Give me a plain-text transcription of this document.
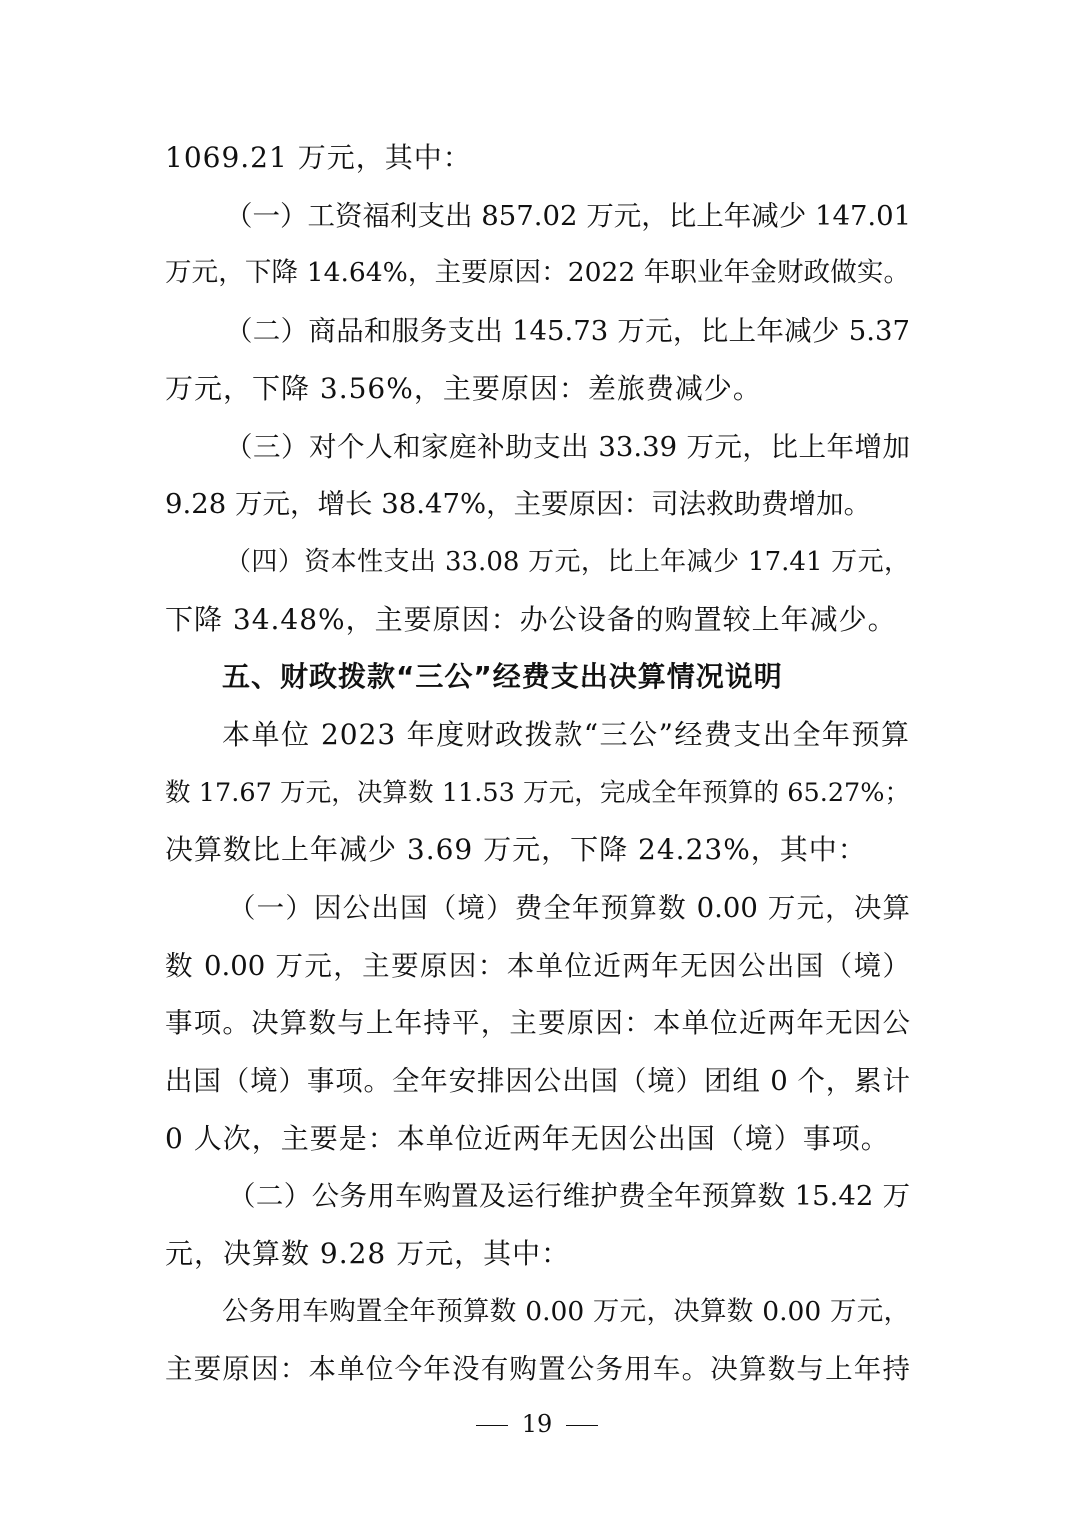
1069.21 万元，其中：
（一）工资福利支出 857.02 万元，比上年减少 147.01
万元，下降 14.64%，主要原因：2022 年职业年金财政做实。
（二）商品和服务支出 145.73 万元，比上年减少 5.37
万元，下降 3.56%，主要原因：差旅费减少。
（三）对个人和家庭补助支出 33.39 万元，比上年增加
9.28 万元，增长 38.47%，主要原因：司法救助费增加。
（四）资本性支出 33.08 万元，比上年减少 17.41 万元，
下降 34.48%，主要原因：办公设备的购置较上年减少。
五、财政拨款“三公”经费支出决算情况说明
本单位 2023 年度财政拨款“三公”经费支出全年预算
数 17.67 万元，决算数 11.53 万元，完成全年预算的 65.27%；
决算数比上年减少 3.69 万元，下降 24.23%，其中：
（一）因公出国（境）费全年预算数 0.00 万元，决算
数 0.00 万元，主要原因：本单位近两年无因公出国（境）
事项。决算数与上年持平，主要原因：本单位近两年无因公
出国（境）事项。全年安排因公出国（境）团组 0 个，累计
0 人次，主要是：本单位近两年无因公出国（境）事项。
（二）公务用车购置及运行维护费全年预算数 15.42 万
元，决算数 9.28 万元，其中：
公务用车购置全年预算数 0.00 万元，决算数 0.00 万元，
主要原因：本单位今年没有购置公务用车。决算数与上年持
19
